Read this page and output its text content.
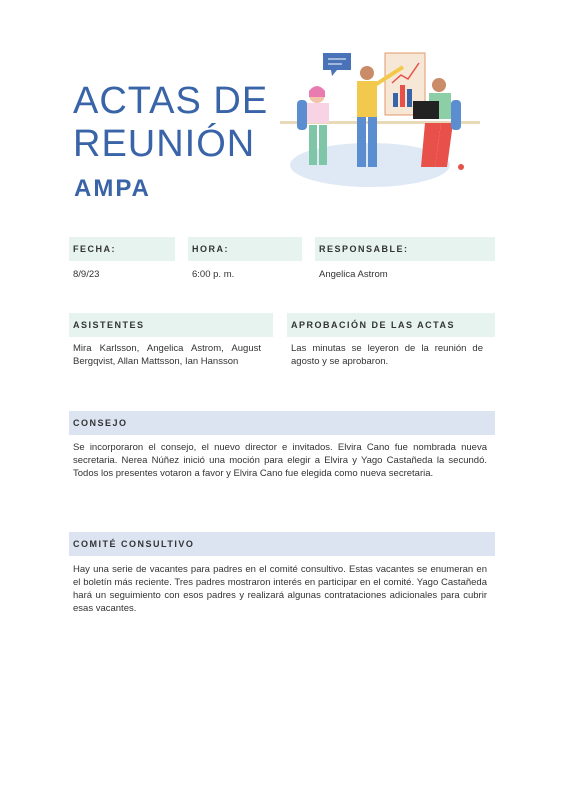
ACTAS DE
REUNIÓN
AMPA
FECHA:	HORA:	RESPONSABLE:
8/9/23	6:00 p. m.	Angelica Astrom
ASISTENTES	APROBACIÓN DE LAS ACTAS
Mira Karlsson, Angelica Astrom, August Bergqvist, Allan Mattsson, Ian Hansson
Las minutas se leyeron de la reunión de agosto y se aprobaron.
CONSEJO
Se incorporaron el consejo, el nuevo director e invitados. Elvira Cano fue nombrada nueva secretaria. Nerea Núñez inició una moción para elegir a Elvira y Yago Castañeda la secundó. Todos los presentes votaron a favor y Elvira Cano fue elegida como nueva secretaria.
COMITÉ CONSULTIVO
Hay una serie de vacantes para padres en el comité consultivo. Estas vacantes se enumeran en el boletín más reciente. Tres padres mostraron interés en participar en el comité. Yago Castañeda hará un seguimiento con esos padres y realizará algunas contrataciones adicionales para cubrir esas vacantes.
